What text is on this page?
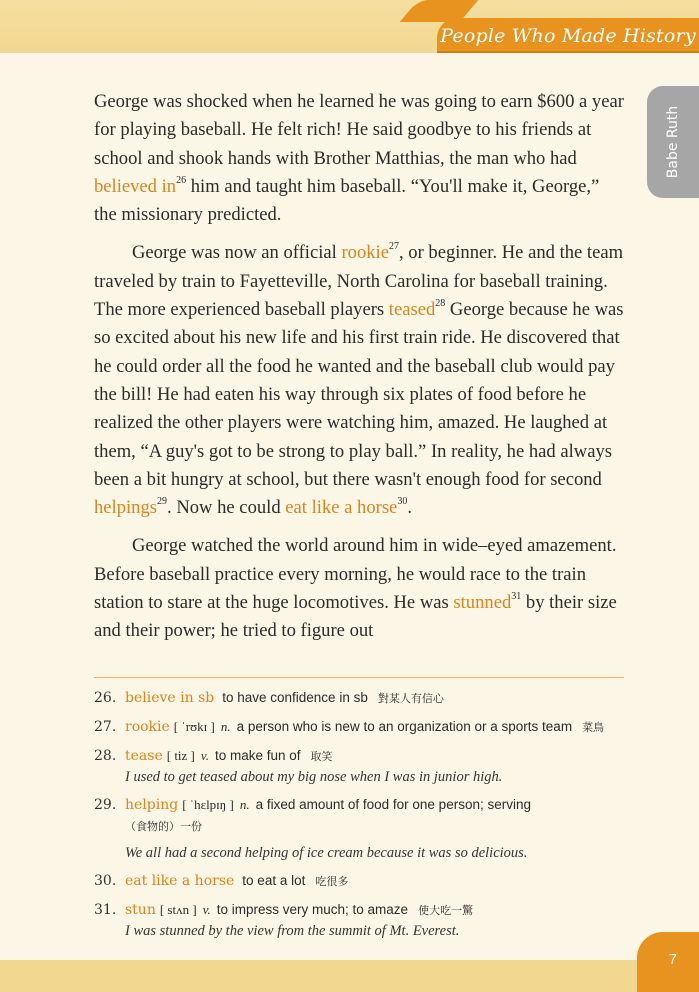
People Who Made History
Babe Ruth

George was shocked when he learned he was going to earn $600 a year for playing baseball. He felt rich! He said goodbye to his friends at school and shook hands with Brother Matthias, the man who had believed $in^{26}$ him and taught him baseball. “You'll make it, George,” the missionary predicted.

George was now an official rookie$^{27}$, or beginner. He and the team traveled by train to Fayetteville, North Carolina for baseball training. The more experienced baseball players teased$^{28}$ George because he was so excited about his new life and his first train ride. He discovered that he could order all the food he wanted and the baseball club would pay the bill! He had eaten his way through six plates of food before he realized the other players were watching him, amazed. He laughed at them, “A guy's got to be strong to play ball.” In reality, he had always been a bit hungry at school, but there wasn't enough food for second helpings$^{29}$. Now he could eat like a horse$^{30}$.

George watched the world around him in wide–eyed amazement. Before baseball practice every morning, he would race to the train station to stare at the huge locomotives. He was stunned$^{31}$ by their size and their power; he tried to figure out

26. believe in sb to have confidence in sb 對某人有信心
27. rookie [ ˈrʊkɪ ] n. a person who is new to an organization or a sports team 菜鳥
28. tease [ tiz ] v. to make fun of 取笑
I used to get teased about my big nose when I was in junior high.
29. helping [ ˈhɛlpɪŋ ] n. a fixed amount of food for one person; serving
（食物的）一份
We all had a second helping of ice cream because it was so delicious.
30. eat like a horse to eat a lot 吃很多
31. stun [ stʌn ] v. to impress very much; to amaze 使大吃一驚
I was stunned by the view from the summit of Mt. Everest.
7
